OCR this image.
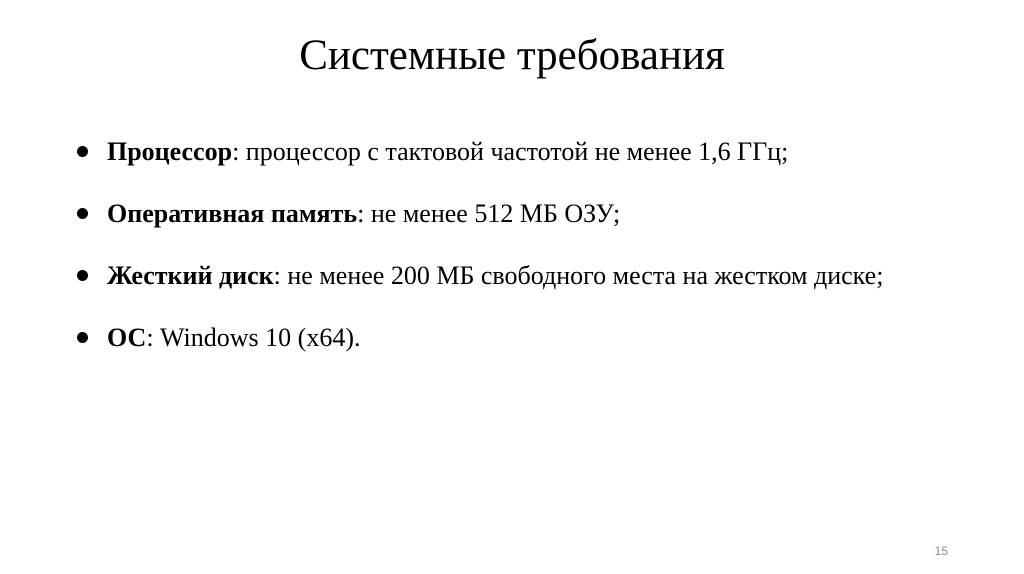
Системные требования
Процессор: процессор с тактовой частотой не менее 1,6 ГГц;
Оперативная память: не менее 512 МБ ОЗУ;
Жесткий диск: не менее 200 МБ свободного места на жестком диске;
ОС: Windows 10 (x64).
15
